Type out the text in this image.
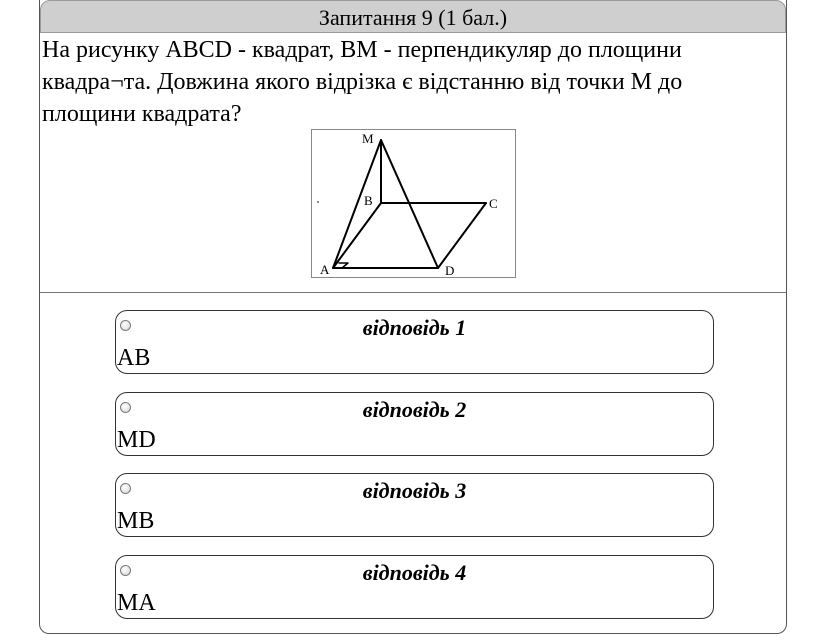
Запитання 9 (1 бал.)
На рисунку ABCD - квадрат, BM - перпендикуляр до площини квадра¬та. Довжина якого відрізка є відстанню від точки M до площини квадрата?
M
B	C
A	D
відповідь 1
AB
відповідь 2
MD
відповідь 3
MB
відповідь 4
MA
